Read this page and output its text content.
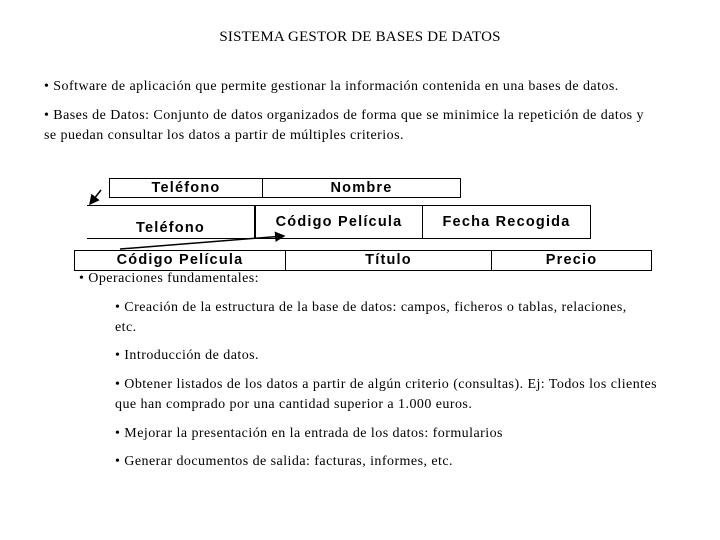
SISTEMA GESTOR DE BASES DE DATOS
• Software de aplicación que permite gestionar la información contenida en una bases de datos.
• Bases de Datos: Conjunto de datos organizados de forma que se minimice la repetición de datos y se puedan consultar los datos a partir de múltiples criterios.
Teléfono	Nombre
Teléfono	Código Película	Fecha Recogida
Código Película	Título	Precio
• Operaciones fundamentales:
• Creación de la estructura de la base de datos: campos, ficheros o tablas, relaciones, etc.
• Introducción de datos.
• Obtener listados de los datos a partir de algún criterio (consultas). Ej: Todos los clientes que han comprado por una cantidad superior a 1.000 euros.
• Mejorar la presentación en la entrada de los datos: formularios
• Generar documentos de salida: facturas, informes, etc.
